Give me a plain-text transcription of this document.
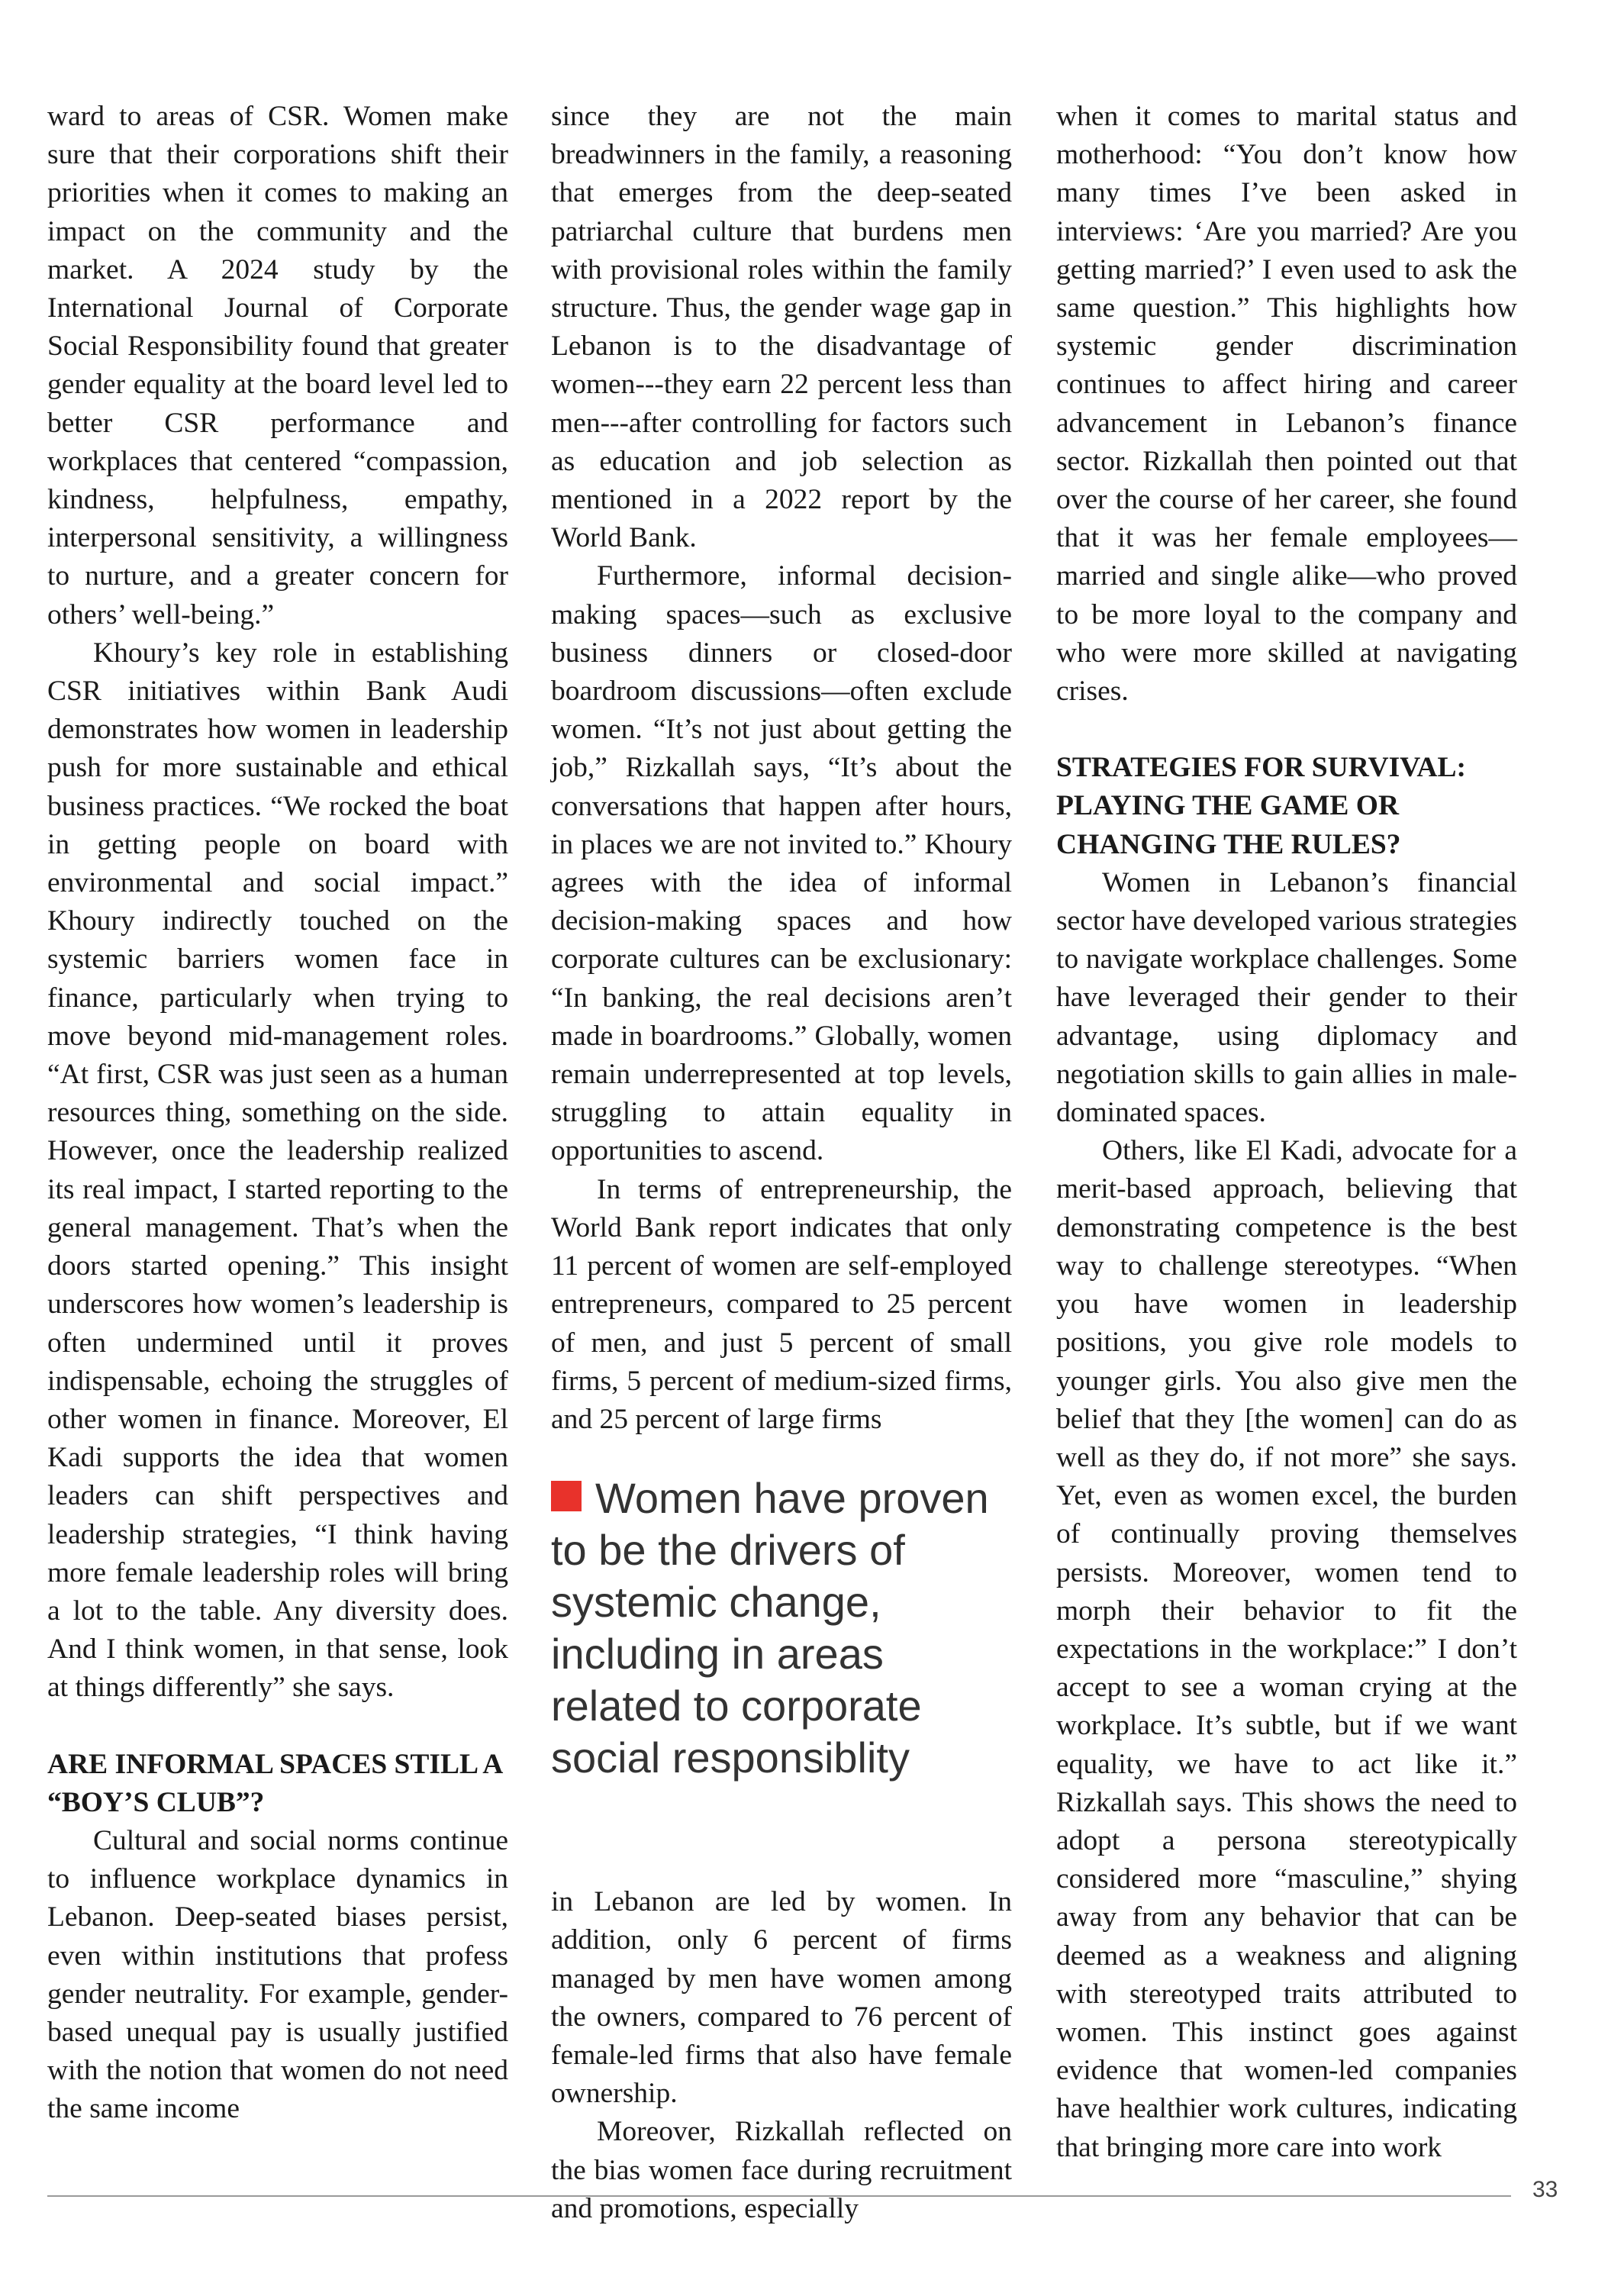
ward to areas of CSR. Women make sure that their corporations shift their priorities when it comes to making an impact on the community and the market. A 2024 study by the International Journal of Corporate Social Responsibility found that greater gender equality at the board level led to better CSR performance and workplaces that centered “compassion, kindness, helpfulness, empathy, interpersonal sensitivity, a willingness to nurture, and a greater concern for others’ well-being.”

Khoury’s key role in establishing CSR initiatives within Bank Audi demonstrates how women in leadership push for more sustainable and ethical business practices. “We rocked the boat in getting people on board with environmental and social impact.” Khoury indirectly touched on the systemic barriers women face in finance, particularly when trying to move beyond mid-management roles. “At first, CSR was just seen as a human resources thing, something on the side. However, once the leadership realized its real impact, I started reporting to the general management. That’s when the doors started opening.” This insight underscores how women’s leadership is often undermined until it proves indispensable, echoing the struggles of other women in finance. Moreover, El Kadi supports the idea that women leaders can shift perspectives and leadership strategies, “I think having more female leadership roles will bring a lot to the table. Any diversity does. And I think women, in that sense, look at things differently” she says.

ARE INFORMAL SPACES STILL A “BOY’S CLUB”?

Cultural and social norms continue to influence workplace dynamics in Lebanon. Deep-seated biases persist, even within institutions that profess gender neutrality. For example, gender-based unequal pay is usually justified with the notion that women do not need the same income

since they are not the main breadwinners in the family, a reasoning that emerges from the deep-seated patriarchal culture that burdens men with provisional roles within the family structure. Thus, the gender wage gap in Lebanon is to the disadvantage of women---they earn 22 percent less than men---after controlling for factors such as education and job selection as mentioned in a 2022 report by the World Bank.

Furthermore, informal decision-making spaces—such as exclusive business dinners or closed-door boardroom discussions—often exclude women. “It’s not just about getting the job,” Rizkallah says, “It’s about the conversations that happen after hours, in places we are not invited to.” Khoury agrees with the idea of informal decision-making spaces and how corporate cultures can be exclusionary: “In banking, the real decisions aren’t made in boardrooms.” Globally, women remain underrepresented at top levels, struggling to attain equality in opportunities to ascend.

In terms of entrepreneurship, the World Bank report indicates that only 11 percent of women are self-employed entrepreneurs, compared to 25 percent of men, and just 5 percent of small firms, 5 percent of medium-sized firms, and 25 percent of large firms

Women have proven to be the drivers of systemic change, including in areas related to corporate social responsiblity

in Lebanon are led by women. In addition, only 6 percent of firms managed by men have women among the owners, compared to 76 percent of female-led firms that also have female ownership.

Moreover, Rizkallah reflected on the bias women face during recruitment and promotions, especially

when it comes to marital status and motherhood: “You don’t know how many times I’ve been asked in interviews: ‘Are you married? Are you getting married?’ I even used to ask the same question.” This highlights how systemic gender discrimination continues to affect hiring and career advancement in Lebanon’s finance sector. Rizkallah then pointed out that over the course of her career, she found that it was her female employees—married and single alike—who proved to be more loyal to the company and who were more skilled at navigating crises.

STRATEGIES FOR SURVIVAL: PLAYING THE GAME OR CHANGING THE RULES?

Women in Lebanon’s financial sector have developed various strategies to navigate workplace challenges. Some have leveraged their gender to their advantage, using diplomacy and negotiation skills to gain allies in male-dominated spaces.

Others, like El Kadi, advocate for a merit-based approach, believing that demonstrating competence is the best way to challenge stereotypes. “When you have women in leadership positions, you give role models to younger girls. You also give men the belief that they [the women] can do as well as they do, if not more” she says. Yet, even as women excel, the burden of continually proving themselves persists. Moreover, women tend to morph their behavior to fit the expectations in the workplace:” I don’t accept to see a woman crying at the workplace. It’s subtle, but if we want equality, we have to act like it.” Rizkallah says. This shows the need to adopt a persona stereotypically considered more “masculine,” shying away from any behavior that can be deemed as a weakness and aligning with stereotyped traits attributed to women. This instinct goes against evidence that women-led companies have healthier work cultures, indicating that bringing more care into work

33
